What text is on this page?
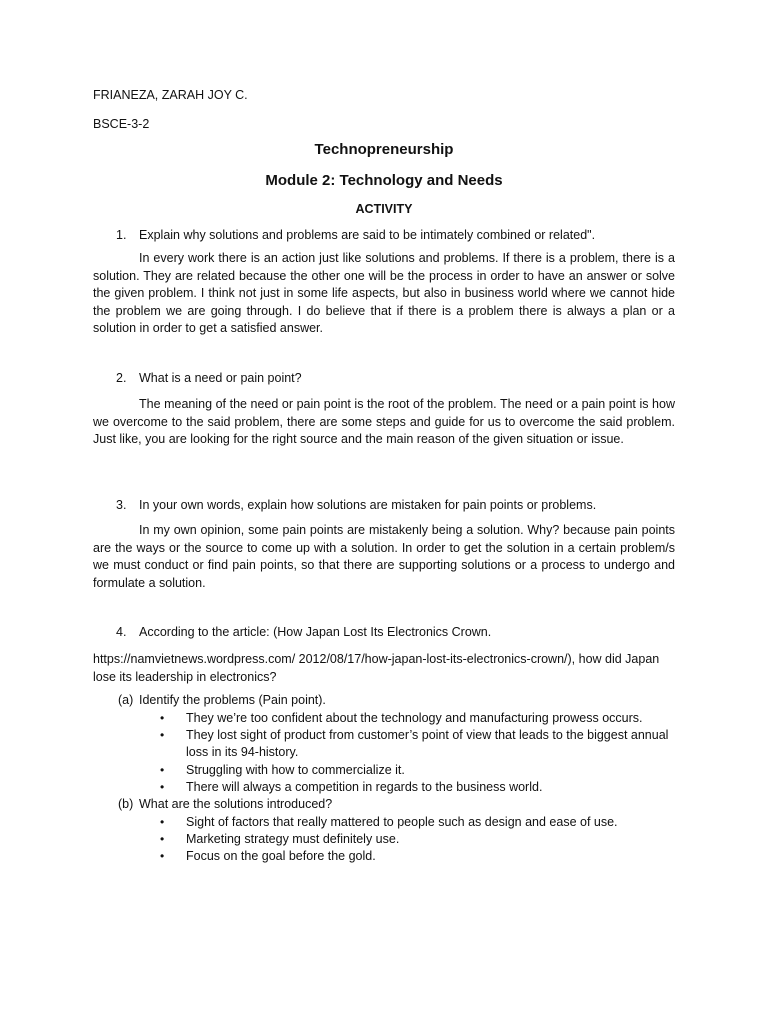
FRIANEZA, ZARAH JOY C.
BSCE-3-2
Technopreneurship
Module 2: Technology and Needs
ACTIVITY
1. Explain why solutions and problems are said to be intimately combined or related".

In every work there is an action just like solutions and problems. If there is a problem, there is a solution. They are related because the other one will be the process in order to have an answer or solve the given problem. I think not just in some life aspects, but also in business world where we cannot hide the problem we are going through. I do believe that if there is a problem there is always a plan or a solution in order to get a satisfied answer.

2. What is a need or pain point?

The meaning of the need or pain point is the root of the problem. The need or a pain point is how we overcome to the said problem, there are some steps and guide for us to overcome the said problem. Just like, you are looking for the right source and the main reason of the given situation or issue.

3. In your own words, explain how solutions are mistaken for pain points or problems.

In my own opinion, some pain points are mistakenly being a solution. Why? because pain points are the ways or the source to come up with a solution. In order to get the solution in a certain problem/s we must conduct or find pain points, so that there are supporting solutions or a process to undergo and formulate a solution.

4. According to the article: (How Japan Lost Its Electronics Crown.

https://namvietnews.wordpress.com/ 2012/08/17/how-japan-lost-its-electronics-crown/), how did Japan lose its leadership in electronics?

(a) Identify the problems (Pain point).
• They we’re too confident about the technology and manufacturing prowess occurs.
• They lost sight of product from customer’s point of view that leads to the biggest annual loss in its 94-history.
• Struggling with how to commercialize it.
• There will always a competition in regards to the business world.
(b) What are the solutions introduced?
• Sight of factors that really mattered to people such as design and ease of use.
• Marketing strategy must definitely use.
• Focus on the goal before the gold.
